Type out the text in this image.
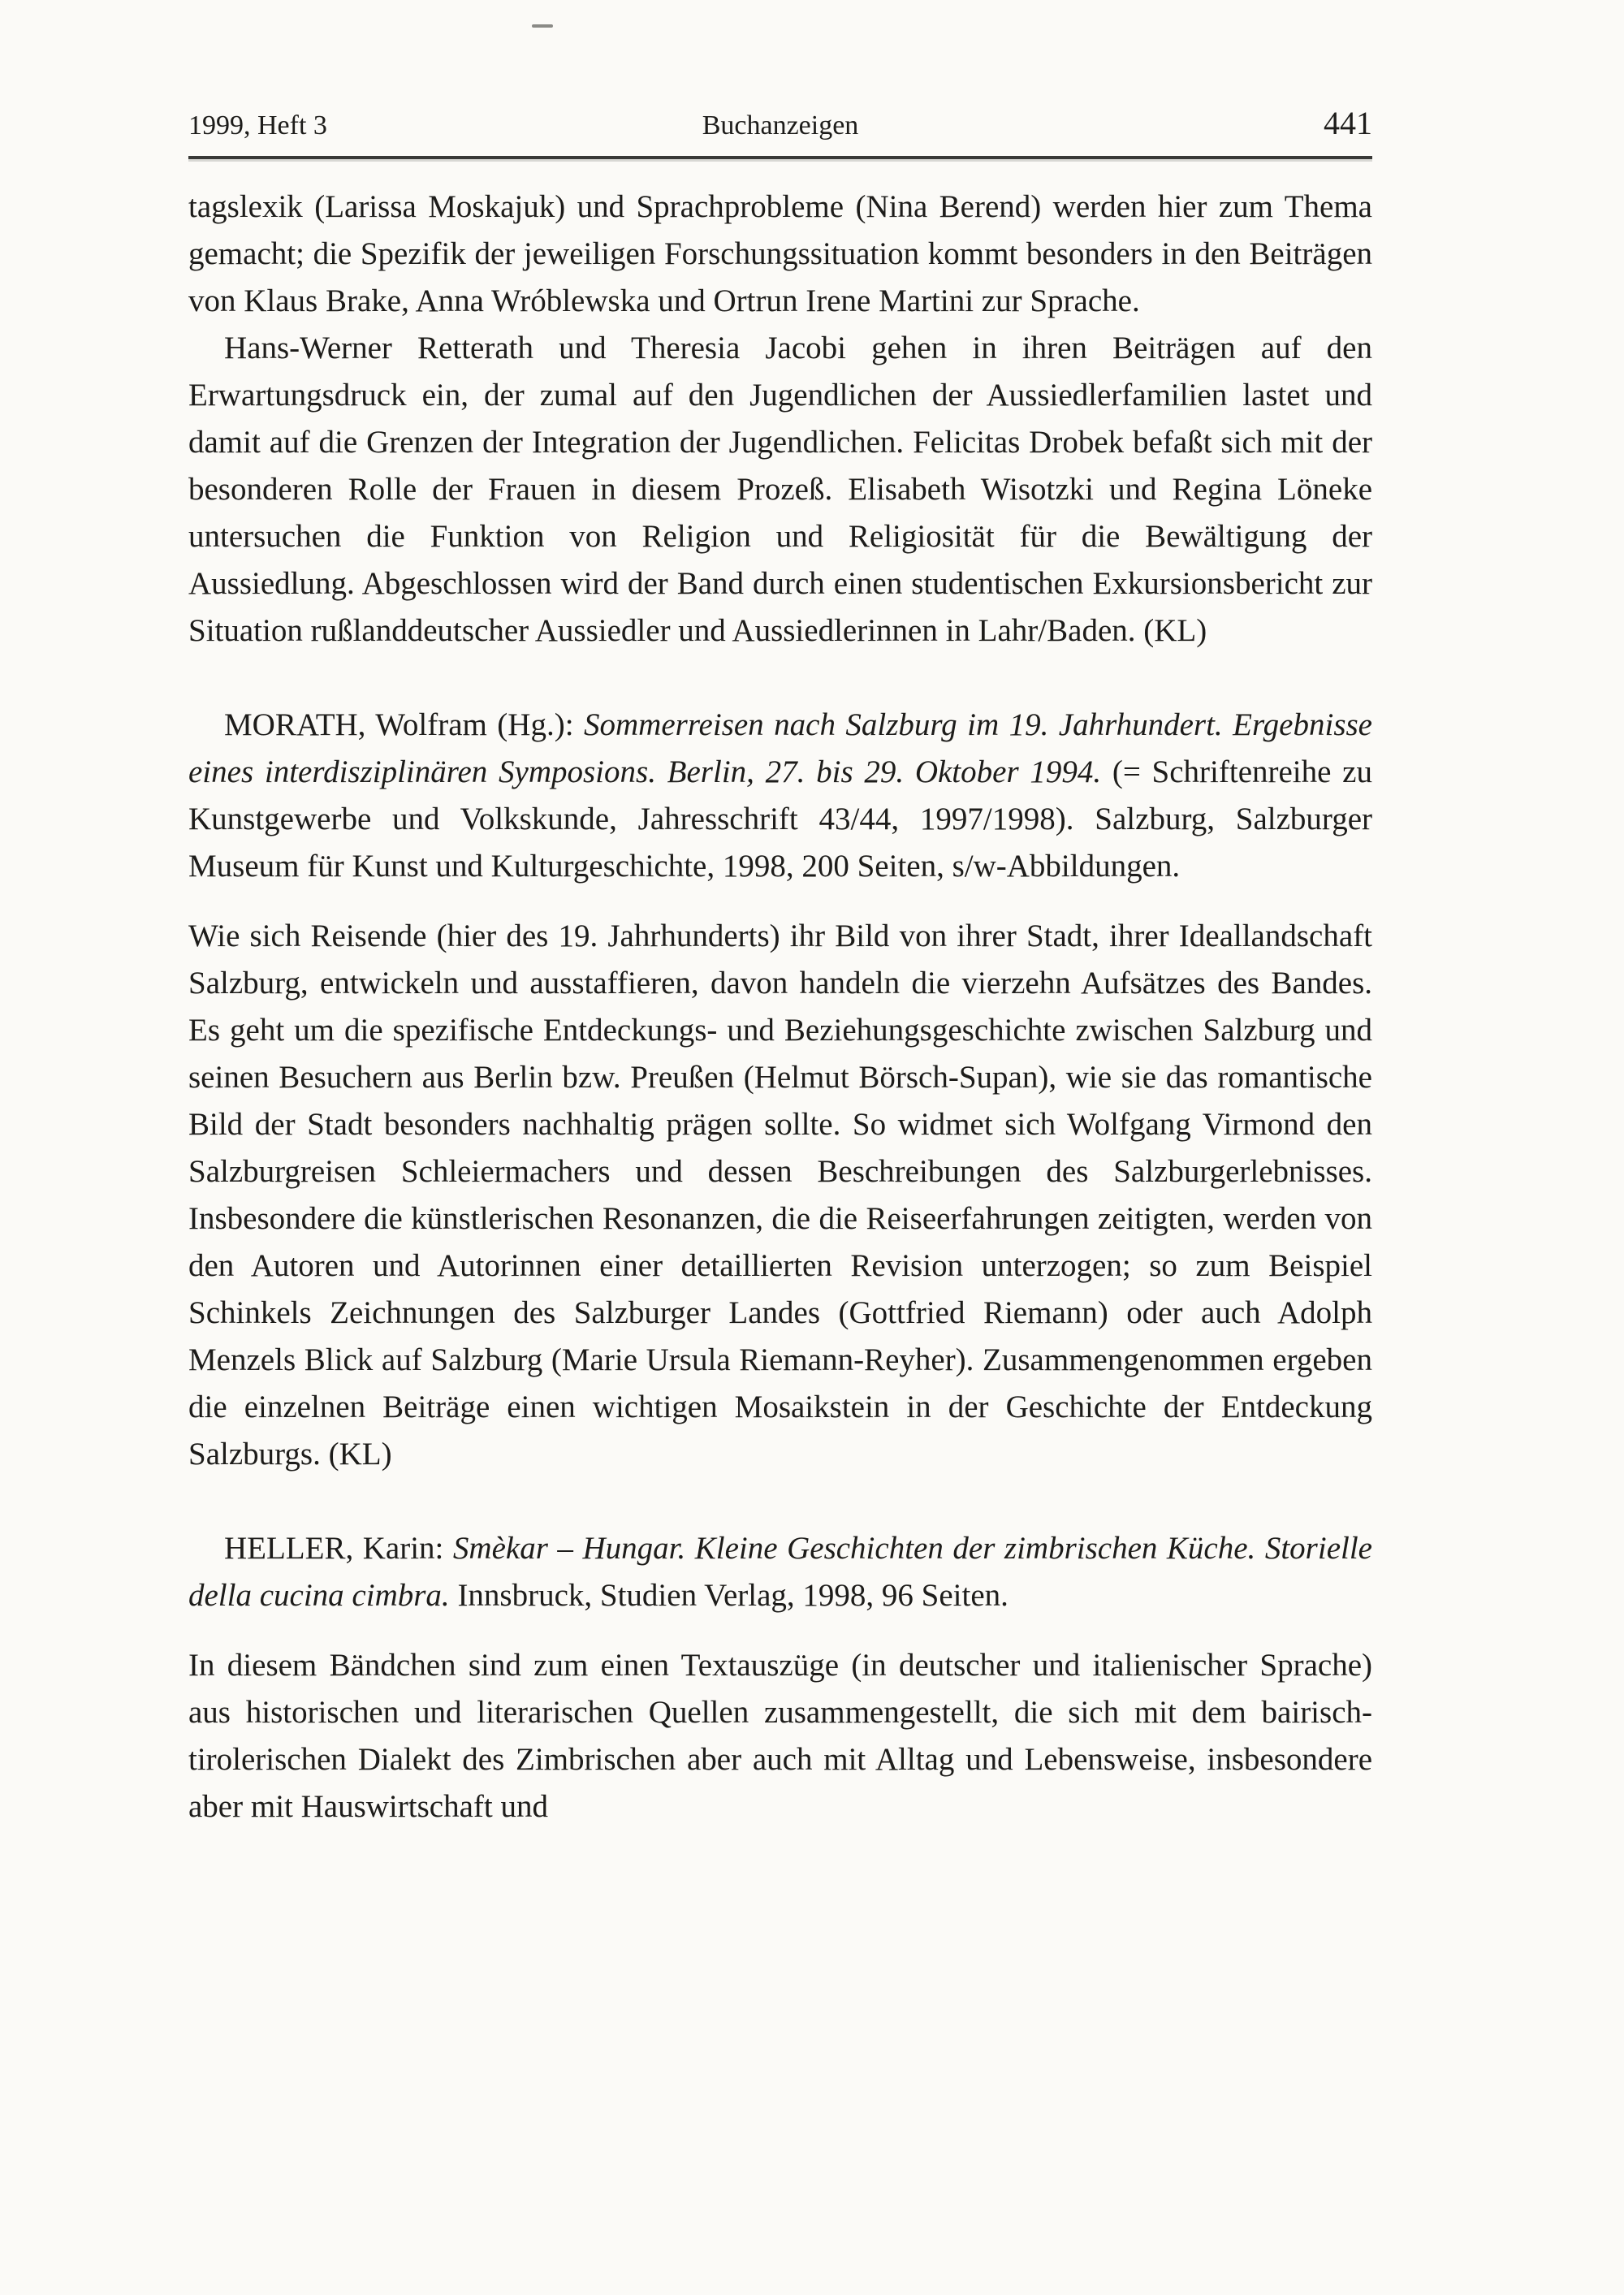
1999, Heft 3	Buchanzeigen	441

tagslexik (Larissa Moskajuk) und Sprachprobleme (Nina Berend) werden hier zum Thema gemacht; die Spezifik der jeweiligen Forschungssituation kommt besonders in den Beiträgen von Klaus Brake, Anna Wróblewska und Ortrun Irene Martini zur Sprache.

Hans-Werner Retterath und Theresia Jacobi gehen in ihren Beiträgen auf den Erwartungsdruck ein, der zumal auf den Jugendlichen der Aussiedlerfamilien lastet und damit auf die Grenzen der Integration der Jugendlichen. Felicitas Drobek befaßt sich mit der besonderen Rolle der Frauen in diesem Prozeß. Elisabeth Wisotzki und Regina Löneke untersuchen die Funktion von Religion und Religiosität für die Bewältigung der Aussiedlung. Abgeschlossen wird der Band durch einen studentischen Exkursionsbericht zur Situation rußlanddeutscher Aussiedler und Aussiedlerinnen in Lahr/Baden. (KL)

MORATH, Wolfram (Hg.): Sommerreisen nach Salzburg im 19. Jahrhundert. Ergebnisse eines interdisziplinären Symposions. Berlin, 27. bis 29. Oktober 1994. (= Schriftenreihe zu Kunstgewerbe und Volkskunde, Jahresschrift 43/44, 1997/1998). Salzburg, Salzburger Museum für Kunst und Kulturgeschichte, 1998, 200 Seiten, s/w-Abbildungen.

Wie sich Reisende (hier des 19. Jahrhunderts) ihr Bild von ihrer Stadt, ihrer Ideallandschaft Salzburg, entwickeln und ausstaffieren, davon handeln die vierzehn Aufsätzes des Bandes. Es geht um die spezifische Entdeckungs- und Beziehungsgeschichte zwischen Salzburg und seinen Besuchern aus Berlin bzw. Preußen (Helmut Börsch-Supan), wie sie das romantische Bild der Stadt besonders nachhaltig prägen sollte. So widmet sich Wolfgang Virmond den Salzburgreisen Schleiermachers und dessen Beschreibungen des Salzburgerlebnisses. Insbesondere die künstlerischen Resonanzen, die die Reiseerfahrungen zeitigten, werden von den Autoren und Autorinnen einer detaillierten Revision unterzogen; so zum Beispiel Schinkels Zeichnungen des Salzburger Landes (Gottfried Riemann) oder auch Adolph Menzels Blick auf Salzburg (Marie Ursula Riemann-Reyher). Zusammengenommen ergeben die einzelnen Beiträge einen wichtigen Mosaikstein in der Geschichte der Entdeckung Salzburgs. (KL)

HELLER, Karin: Smèkar – Hungar. Kleine Geschichten der zimbrischen Küche. Storielle della cucina cimbra. Innsbruck, Studien Verlag, 1998, 96 Seiten.

In diesem Bändchen sind zum einen Textauszüge (in deutscher und italienischer Sprache) aus historischen und literarischen Quellen zusammengestellt, die sich mit dem bairisch-tirolerischen Dialekt des Zimbrischen aber auch mit Alltag und Lebensweise, insbesondere aber mit Hauswirtschaft und
